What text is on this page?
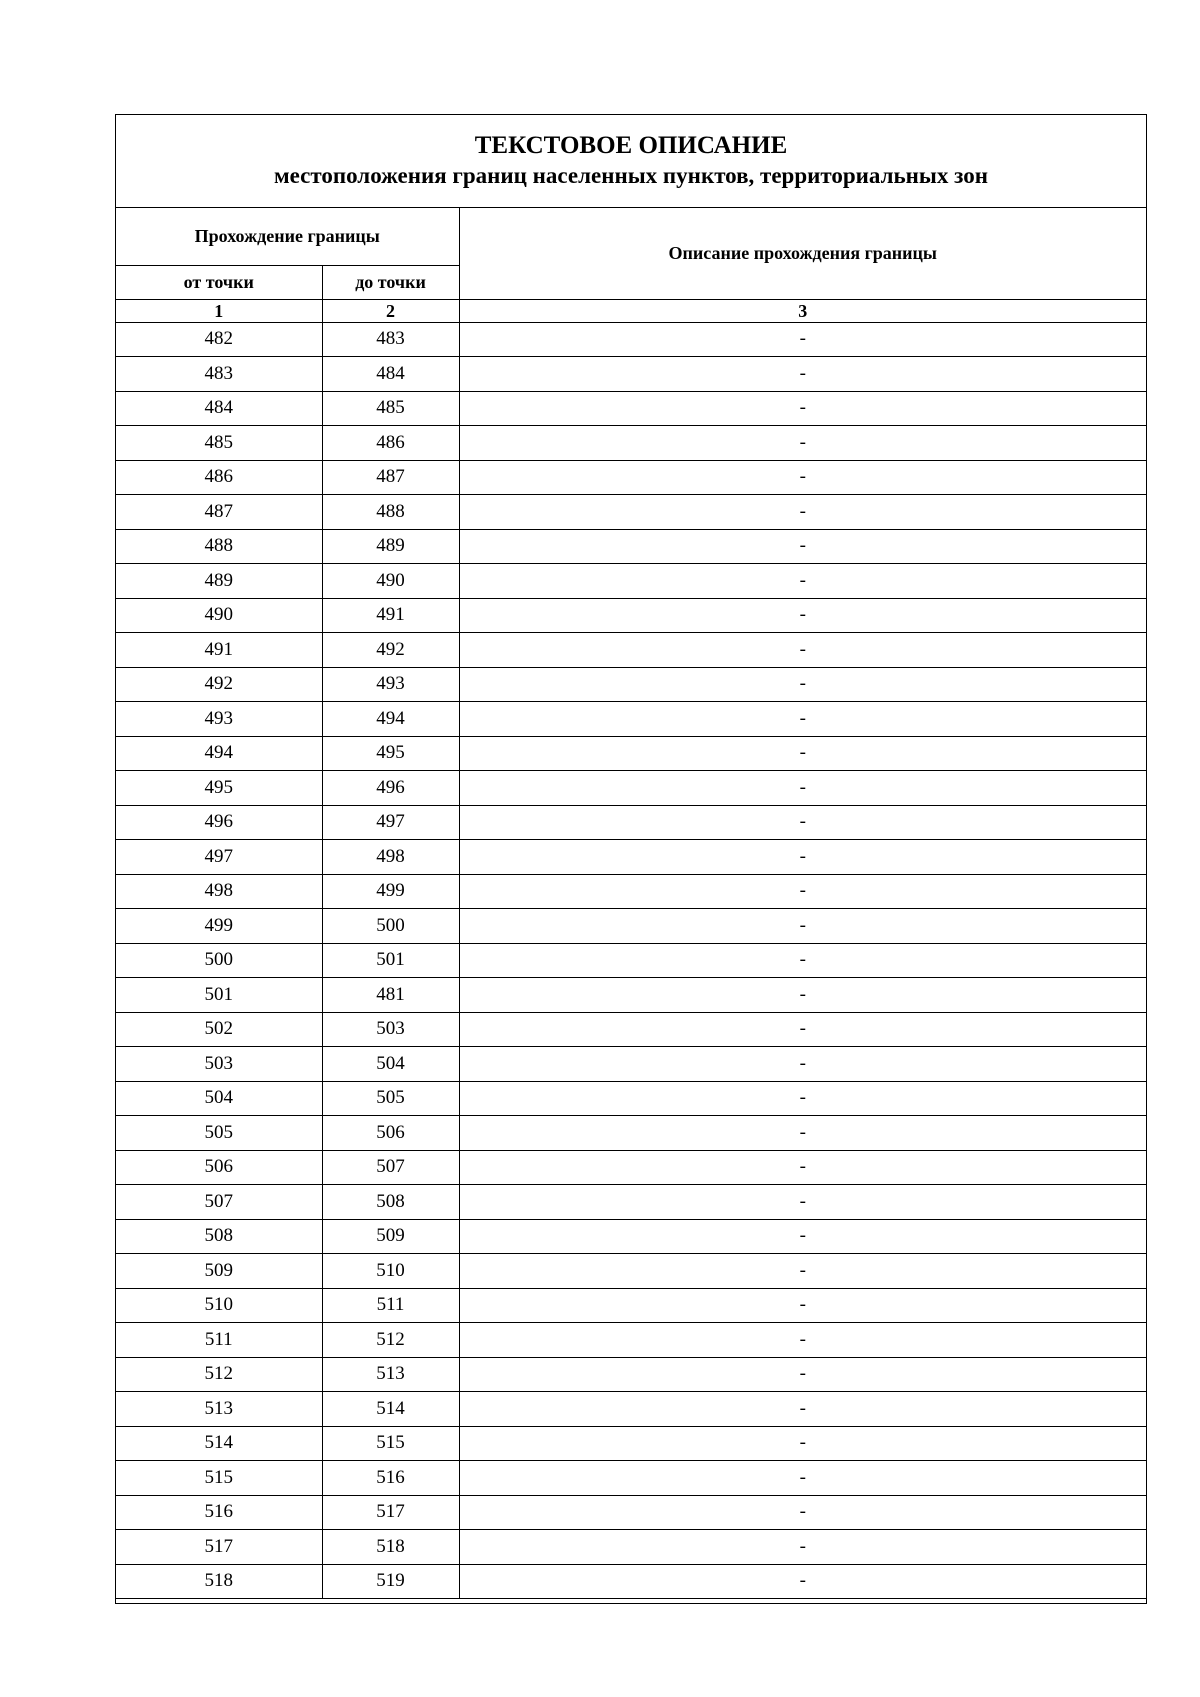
ТЕКСТОВОЕ ОПИСАНИЕ
местоположения границ населенных пунктов, территориальных зон
Прохождение границы		Описание прохождения границы
от точки	до точки	
1	2	3
482	483	-
483	484	-
484	485	-
485	486	-
486	487	-
487	488	-
488	489	-
489	490	-
490	491	-
491	492	-
492	493	-
493	494	-
494	495	-
495	496	-
496	497	-
497	498	-
498	499	-
499	500	-
500	501	-
501	481	-
502	503	-
503	504	-
504	505	-
505	506	-
506	507	-
507	508	-
508	509	-
509	510	-
510	511	-
511	512	-
512	513	-
513	514	-
514	515	-
515	516	-
516	517	-
517	518	-
518	519	-
